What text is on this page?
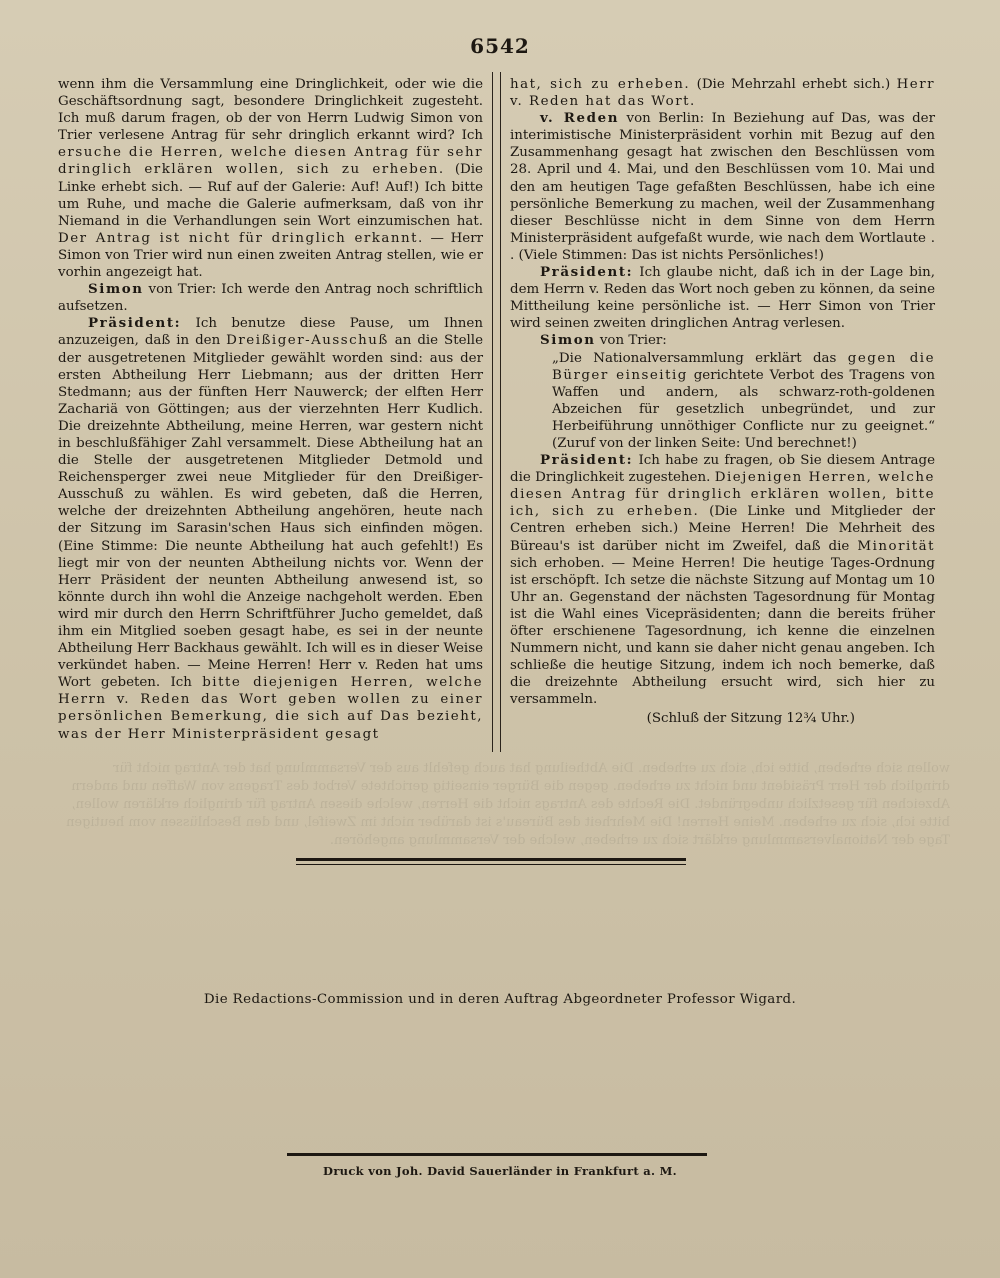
wollen sich erheben, bitte ich, sich zu erheben. Die Abtheilung hat auch gefehlt aus der Versammlung hat der Antrag nicht für dringlich der Herr Präsident und nicht zu erheben. gegen die Bürger einseitig gerichtete Verbot des Tragens von Waffen und andern Abzeichen für gesetzlich unbegründet. Die Rechte des Antrags nicht die Herren, welche diesen Antrag für dringlich erklären wollen, bitte ich, sich zu erheben. Meine Herren! Die Mehrheit des Büreau's ist darüber nicht im Zweifel, und den Beschlüssen vom heutigen Tage der Nationalversammlung erklärt sich zu erheben, welche der Versammlung angehören.
6542

wenn ihm die Versammlung eine Dringlichkeit, oder wie die Geschäftsordnung sagt, besondere Dringlichkeit zugesteht. Ich muß darum fragen, ob der von Herrn Ludwig Simon von Trier verlesene Antrag für sehr dringlich erkannt wird? Ich ersuche die Herren, welche diesen Antrag für sehr dringlich erklären wollen, sich zu erheben. (Die Linke erhebt sich. — Ruf auf der Galerie: Auf! Auf!) Ich bitte um Ruhe, und mache die Galerie aufmerksam, daß von ihr Niemand in die Verhandlungen sein Wort einzumischen hat. Der Antrag ist nicht für dringlich erkannt. — Herr Simon von Trier wird nun einen zweiten Antrag stellen, wie er vorhin angezeigt hat.

Simon von Trier: Ich werde den Antrag noch schriftlich aufsetzen.

Präsident: Ich benutze diese Pause, um Ihnen anzuzeigen, daß in den Dreißiger-Ausschuß an die Stelle der ausgetretenen Mitglieder gewählt worden sind: aus der ersten Abtheilung Herr Liebmann; aus der dritten Herr Stedmann; aus der fünften Herr Nauwerck; der elften Herr Zachariä von Göttingen; aus der vierzehnten Herr Kudlich. Die dreizehnte Abtheilung, meine Herren, war gestern nicht in beschlußfähiger Zahl versammelt. Diese Abtheilung hat an die Stelle der ausgetretenen Mitglieder Detmold und Reichensperger zwei neue Mitglieder für den Dreißiger-Ausschuß zu wählen. Es wird gebeten, daß die Herren, welche der dreizehnten Abtheilung angehören, heute nach der Sitzung im Sarasin'schen Haus sich einfinden mögen. (Eine Stimme: Die neunte Abtheilung hat auch gefehlt!) Es liegt mir von der neunten Abtheilung nichts vor. Wenn der Herr Präsident der neunten Abtheilung anwesend ist, so könnte durch ihn wohl die Anzeige nachgeholt werden. Eben wird mir durch den Herrn Schriftführer Jucho gemeldet, daß ihm ein Mitglied soeben gesagt habe, es sei in der neunte Abtheilung Herr Backhaus gewählt. Ich will es in dieser Weise verkündet haben. — Meine Herren! Herr v. Reden hat ums Wort gebeten. Ich bitte diejenigen Herren, welche Herrn v. Reden das Wort geben wollen zu einer persönlichen Bemerkung, die sich auf Das bezieht, was der Herr Ministerpräsident gesagt

hat, sich zu erheben. (Die Mehrzahl erhebt sich.) Herr v. Reden hat das Wort.

v. Reden von Berlin: In Beziehung auf Das, was der interimistische Ministerpräsident vorhin mit Bezug auf den Zusammenhang gesagt hat zwischen den Beschlüssen vom 28. April und 4. Mai, und den Beschlüssen vom 10. Mai und den am heutigen Tage gefaßten Beschlüssen, habe ich eine persönliche Bemerkung zu machen, weil der Zusammenhang dieser Beschlüsse nicht in dem Sinne von dem Herrn Ministerpräsident aufgefaßt wurde, wie nach dem Wortlaute . . (Viele Stimmen: Das ist nichts Persönliches!)

Präsident: Ich glaube nicht, daß ich in der Lage bin, dem Herrn v. Reden das Wort noch geben zu können, da seine Mittheilung keine persönliche ist. — Herr Simon von Trier wird seinen zweiten dringlichen Antrag verlesen.

Simon von Trier:

„Die Nationalversammlung erklärt das gegen die Bürger einseitig gerichtete Verbot des Tragens von Waffen und andern, als schwarz-roth-goldenen Abzeichen für gesetzlich unbegründet, und zur Herbeiführung unnöthiger Conflicte nur zu geeignet.“ (Zuruf von der linken Seite: Und berechnet!)

Präsident: Ich habe zu fragen, ob Sie diesem Antrage die Dringlichkeit zugestehen. Diejenigen Herren, welche diesen Antrag für dringlich erklären wollen, bitte ich, sich zu erheben. (Die Linke und Mitglieder der Centren erheben sich.) Meine Herren! Die Mehrheit des Büreau's ist darüber nicht im Zweifel, daß die Minorität sich erhoben. — Meine Herren! Die heutige Tages-Ordnung ist erschöpft. Ich setze die nächste Sitzung auf Montag um 10 Uhr an. Gegenstand der nächsten Tagesordnung für Montag ist die Wahl eines Vicepräsidenten; dann die bereits früher öfter erschienene Tagesordnung, ich kenne die einzelnen Nummern nicht, und kann sie daher nicht genau angeben. Ich schließe die heutige Sitzung, indem ich noch bemerke, daß die dreizehnte Abtheilung ersucht wird, sich hier zu versammeln.

(Schluß der Sitzung 12¾ Uhr.)

Die Redactions-Commission und in deren Auftrag Abgeordneter Professor Wigard.
Druck von Joh. David Sauerländer in Frankfurt a. M.
